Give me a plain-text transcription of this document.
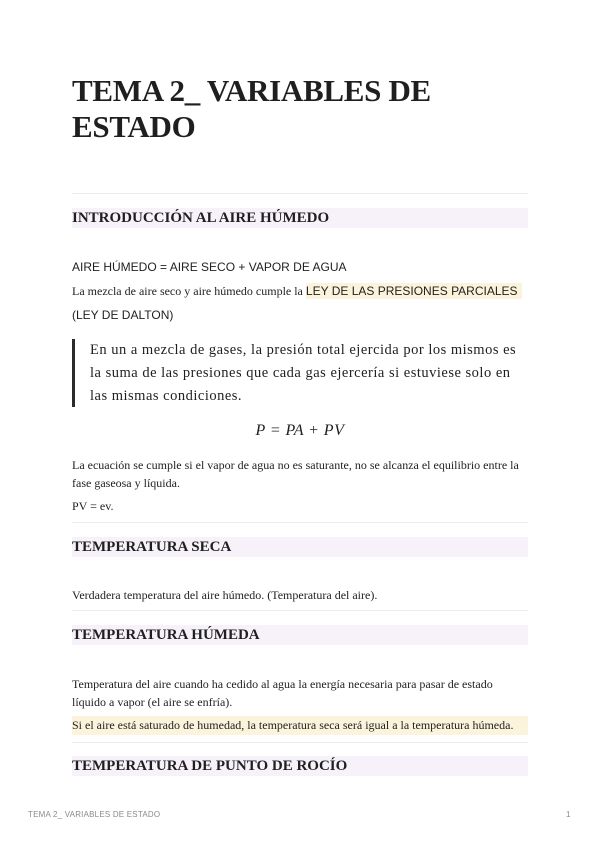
TEMA 2_ VARIABLES DE ESTADO
INTRODUCCIÓN AL AIRE HÚMEDO

AIRE HÚMEDO = AIRE SECO + VAPOR DE AGUA

La mezcla de aire seco y aire húmedo cumple la LEY DE LAS PRESIONES PARCIALES

(LEY DE DALTON)

En un a mezcla de gases, la presión total ejercida por los mismos es la suma de las presiones que cada gas ejercería si estuviese solo en las mismas condiciones.

P = PA + PV

La ecuación se cumple si el vapor de agua no es saturante, no se alcanza el equilibrio entre la fase gaseosa y líquida.

PV = ev.

TEMPERATURA SECA

Verdadera temperatura del aire húmedo. (Temperatura del aire).

TEMPERATURA HÚMEDA

Temperatura del aire cuando ha cedido al agua la energía necesaria para pasar de estado líquido a vapor (el aire se enfría).

Si el aire está saturado de humedad, la temperatura seca será igual a la temperatura húmeda.

TEMPERATURA DE PUNTO DE ROCÍO
TEMA 2_ VARIABLES DE ESTADO	1
